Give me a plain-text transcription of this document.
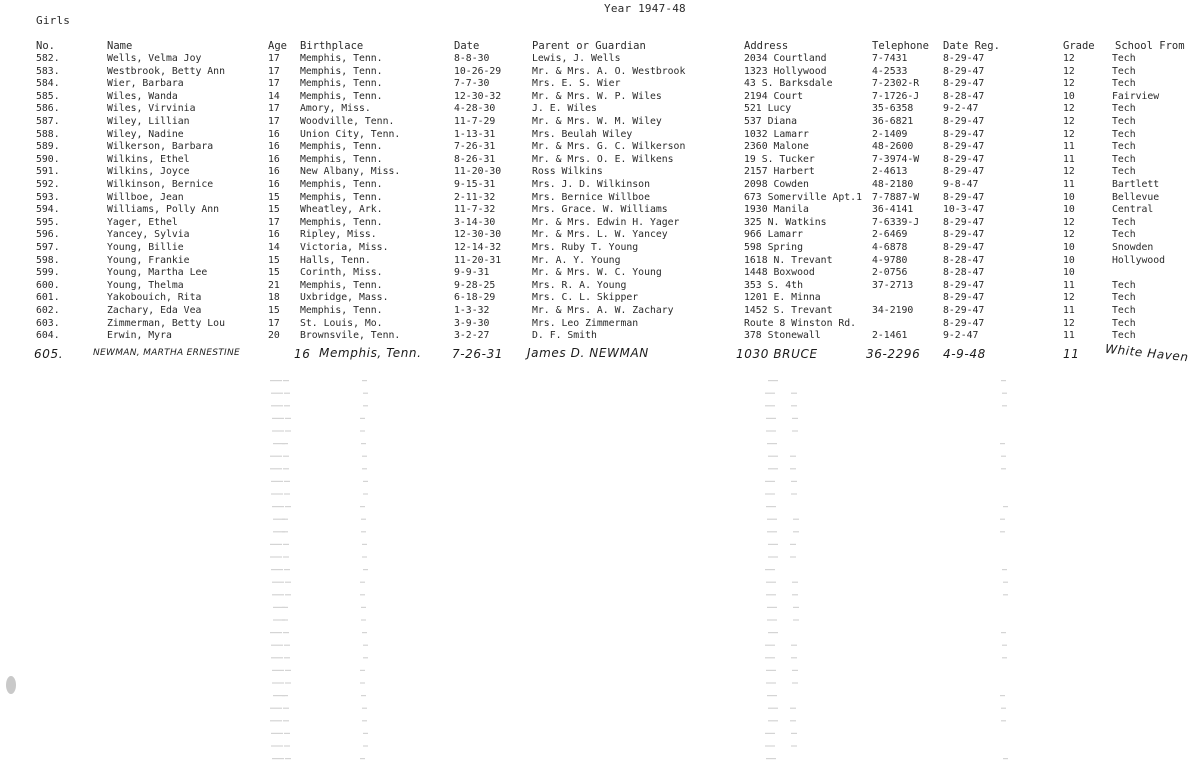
Girls
Year 1947-48
No.	Name	Age Birthplace	Date	Parent or Guardian	Address	Telephone Date Reg.	Grade School From
582.	Wells, Velma Joy	17 Memphis, Tenn.	8-8-30	Lewis, J. Wells	2034 Courtland	7-7431	8-29-47	12	Tech
583.	Westbrook, Betty Ann	17 Memphis, Tenn.	10-26-29	Mr. & Mrs. A. O. Westbrook	1323 Hollywood	4-2533	8-29-47	12	Tech
584.	Wier, Barbara	17 Memphis, Tenn.	7-7-30	Mrs. E. S. Wier	43 S. Barksdale	7-2302-R 8-29-47	12	Tech
585.	Wiles, Wanda	14 Memphis, Tenn.	12-30-32	Mr. & Mrs. W. P. Wiles	2194 Court	7-1726-J 8-28-47	10	Fairview
586.	Wiles, Virvinia	17 Amory, Miss.	4-28-30	J. E. Wiles	521 Lucy	35-6358	9-2-47	12	Tech
587.	Wiley, Lillian	17 Woodville, Tenn.	11-7-29	Mr. & Mrs. W. M. Wiley	537 Diana	36-6821	8-29-47	12	Tech
588.	Wiley, Nadine	16 Union City, Tenn.	1-13-31	Mrs. Beulah Wiley	1032 Lamarr	2-1409	8-29-47	12	Tech
589.	Wilkerson, Barbara	16 Memphis, Tenn.	7-26-31	Mr. & Mrs. G. C. Wilkerson	2360 Malone	48-2600	8-29-47	11	Tech
590.	Wilkins, Ethel	16 Memphis, Tenn.	8-26-31	Mr. & Mrs. O. E. Wilkens	19 S. Tucker	7-3974-W 8-29-47	11	Tech
591.	Wilkins, Joyce	16 New Albany, Miss.	11-20-30	Ross Wilkins	2157 Harbert	2-4613	8-29-47	12	Tech
592.	Wilkinson, Bernice	16 Memphis, Tenn.	9-15-31	Mrs. J. D. Wilkinson	2098 Cowden	48-2180	9-8-47	11	Bartlett
593.	Willboe, Jean	15 Memphis, Tenn.	2-11-32	Mrs. Bernice Willboe	673 Somerville Apt.1 7-7887-W 8-29-47	10	Bellevue
594.	Williams, Polly Ann	15 Wheatley, Ark.	11-7-32	Mrs. Grace. W. Williams	1930 Manila	36-4141	10-3-47	10	Central
595.	Yager, Ethel	17 Memphis, Tenn.	3-14-30	Mr. & Mrs. Edwin H. Yager	325 N. Watkins	7-6339-J 8-29-47	12	Tech
596.	Yancey, Sylvia	16 Ripley, Miss.	12-30-30	Mr. & Mrs. L. W. Yancey	966 Lamarr	2-6469	8-29-47	12	Tech
597.	Young, Billie	14 Victoria, Miss.	12-14-32	Mrs. Ruby T. Young	598 Spring	4-6878	8-29-47	10	Snowden
598.	Young, Frankie	15 Halls, Tenn.	11-20-31	Mr. A. Y. Young	1618 N. Trevant	4-9780	8-28-47	10	Hollywood
599.	Young, Martha Lee	15 Corinth, Miss.	9-9-31	Mr. & Mrs. W. C. Young	1448 Boxwood	2-0756	8-28-47	10
600.	Young, Thelma	21 Memphis, Tenn.	9-28-25	Mrs. R. A. Young	353 S. 4th	37-2713	8-29-47	11	Tech
601.	Yakobouich, Rita	18 Uxbridge, Mass.	6-18-29	Mrs. C. L. Skipper	1201 E. Minna	8-29-47	12	Tech
602.	Zachary, Eda Vea	15 Memphis, Tenn.	1-3-32	Mr. & Mrs. A. W. Zachary	1452 S. Trevant	34-2190	8-29-47	11	Tech
603.	Zimmerman, Betty Lou	17 St. Louis, Mo.	3-9-30	Mrs. Leo Zimmerman	Route 8 Winston Rd.	8-29-47	12	Tech
604.	Erwin, Myra	20 Brownsvile, Tenn.	3-2-27	D. F. Smith	378 Stonewall	2-1461	9-2-47	11	Tech
605.	NEWMAN, MARTHA ERNESTINE	16 Memphis, Tenn.	7-26-31 James D. NEWMAN	1030 BRUCE	36-2296 4-9-48	11 White Haven
